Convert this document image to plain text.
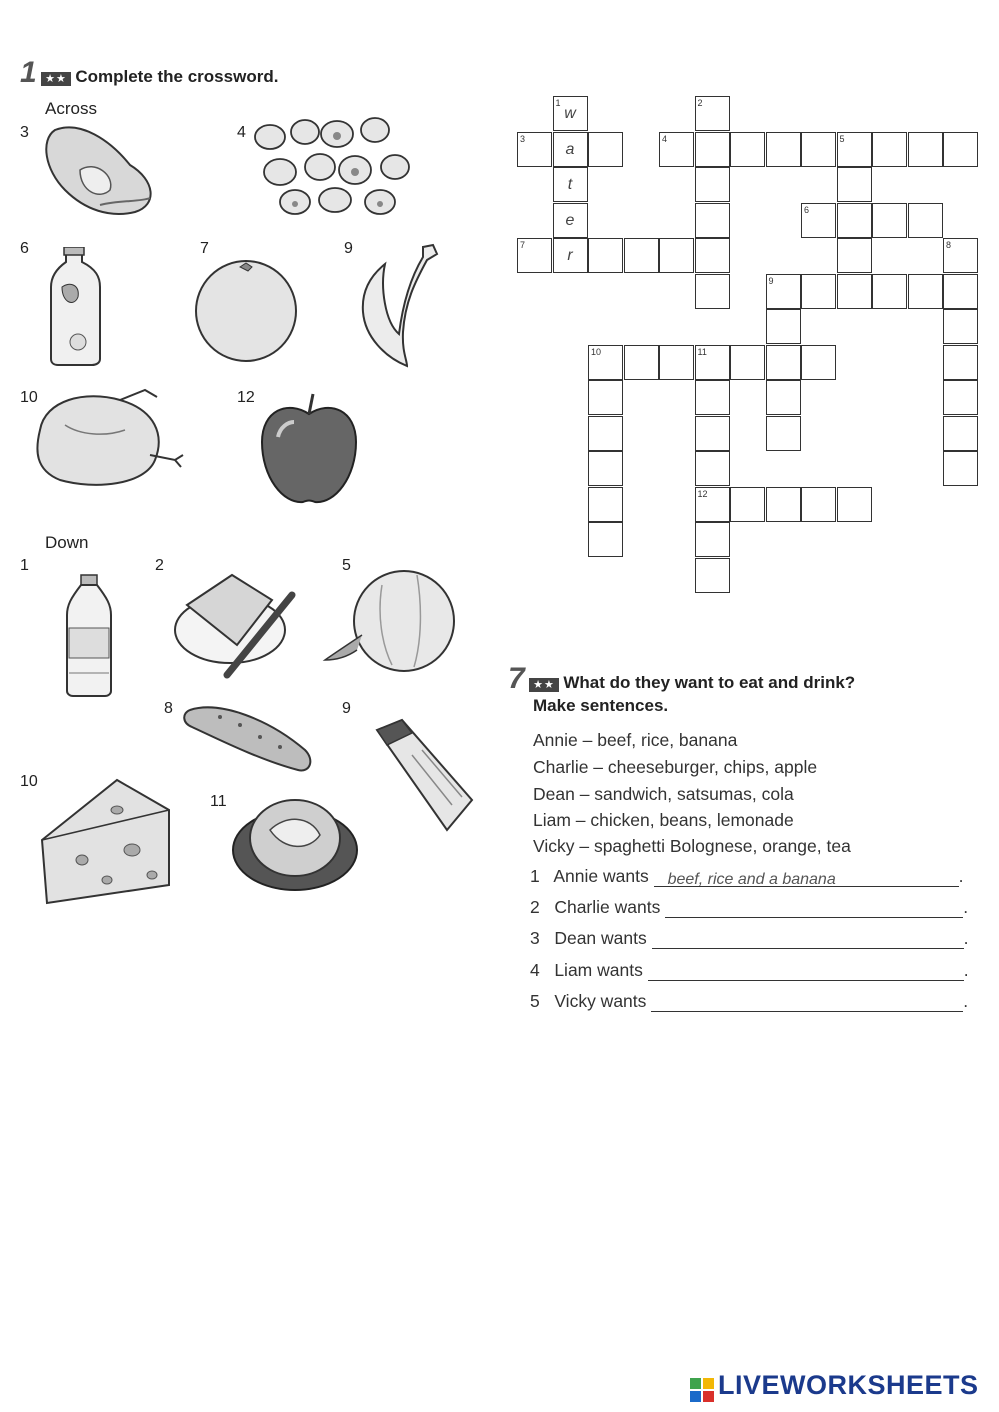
1 ★★ Complete the crossword.
Across
Down
3	4
6	7	9
10	12
1	2	5
8	9
10
11
3
a
4	5
6
7
r
9
10	11
12
1
w
t
e
2
8
7 ★★ What do they want to eat and drink?
Make sentences.
Annie – beef, rice, banana
Charlie – cheeseburger, chips, apple
Dean – sandwich, satsumas, cola
Liam – chicken, beans, lemonade
Vicky – spaghetti Bolognese, orange, tea
1 Annie wants beef, rice and a banana	.
2 Charlie wants	.
3 Dean wants	.
4 Liam wants	.
5 Vicky wants	.
LIVEWORKSHEETS
